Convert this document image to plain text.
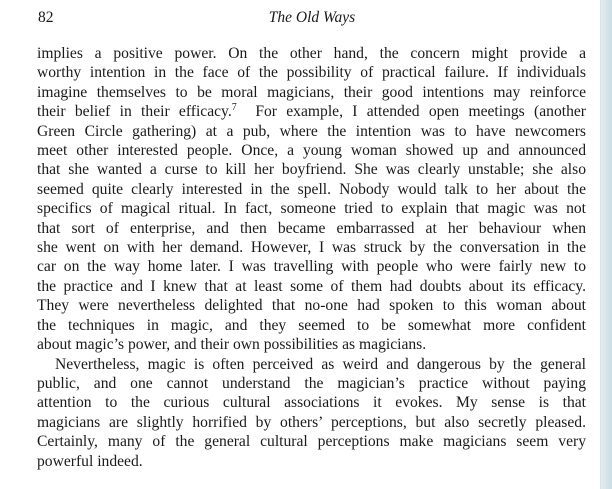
82	The Old Ways
implies a positive power. On the other hand, the concern might provide a
worthy intention in the face of the possibility of practical failure. If individuals
imagine themselves to be moral magicians, their good intentions may reinforce
their belief in their efficacy.$^7$ For example, I attended open meetings (another
Green Circle gathering) at a pub, where the intention was to have newcomers
meet other interested people. Once, a young woman showed up and announced
that she wanted a curse to kill her boyfriend. She was clearly unstable; she also
seemed quite clearly interested in the spell. Nobody would talk to her about the
specifics of magical ritual. In fact, someone tried to explain that magic was not
that sort of enterprise, and then became embarrassed at her behaviour when
she went on with her demand. However, I was struck by the conversation in the
car on the way home later. I was travelling with people who were fairly new to
the practice and I knew that at least some of them had doubts about its efficacy.
They were nevertheless delighted that no-one had spoken to this woman about
the techniques in magic, and they seemed to be somewhat more confident
about magic’s power, and their own possibilities as magicians.
Nevertheless, magic is often perceived as weird and dangerous by the general
public, and one cannot understand the magician’s practice without paying
attention to the curious cultural associations it evokes. My sense is that
magicians are slightly horrified by others’ perceptions, but also secretly pleased.
Certainly, many of the general cultural perceptions make magicians seem very
powerful indeed.
